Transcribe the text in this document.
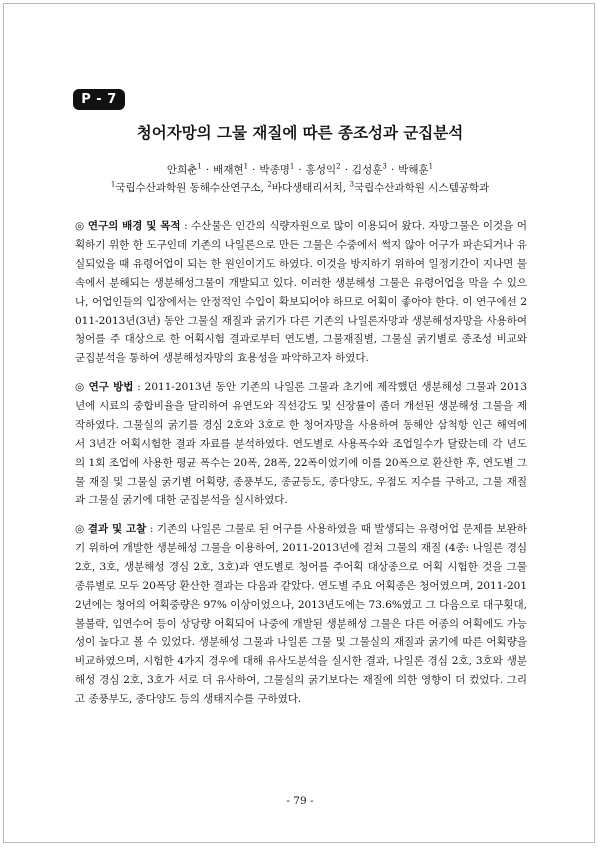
P - 7
청어자망의 그물 재질에 따른 종조성과 군집분석
안희춘$^1$ · 배재현$^1$ · 박종명$^1$ · 홍성익$^2$ · 김성훈$^3$ · 박해훈$^1$
$^1$국립수산과학원 동해수산연구소, $^2$바다생태리서치, $^3$국립수산과학원 시스템공학과
◎ 연구의 배경 및 목적 : 수산물은 인간의 식량자원으로 많이 이용되어 왔다. 자망그물은 이것을 어획하기 위한 한 도구인데 기존의 나일론으로 만든 그물은 수중에서 썩지 않아 어구가 파손되거나 유실되었을 때 유령어업이 되는 한 원인이기도 하였다. 이것을 방지하기 위하여 일정기간이 지나면 물속에서 분해되는 생분해성그물이 개발되고 있다. 이러한 생분해성 그물은 유령어업을 막을 수 있으나, 어업인들의 입장에서는 안정적인 수입이 확보되어야 하므로 어획이 좋아야 한다. 이 연구에선 2011-2013년(3년) 동안 그물실 재질과 굵기가 다른 기존의 나일론자망과 생분해성자망을 사용하여 청어를 주 대상으로 한 어획시험 결과로부터 연도별, 그물재질별, 그물실 굵기별로 종조성 비교와 군집분석을 통하여 생분해성자망의 효용성을 파악하고자 하였다.
◎ 연구 방법 : 2011-2013년 동안 기존의 나일론 그물과 초기에 제작했던 생분해성 그물과 2013년에 시료의 중합비율을 달리하여 유연도와 직선강도 및 신장률이 좀더 개선된 생분해성 그물을 제작하였다. 그물실의 굵기를 경심 2호와 3호로 한 청어자망을 사용하여 동해안 삼척항 인근 해역에서 3년간 어획시험한 결과 자료를 분석하였다. 연도별로 사용폭수와 조업일수가 달랐는데 각 년도의 1회 조업에 사용한 평균 폭수는 20폭, 28폭, 22폭이었기에 이를 20폭으로 환산한 후, 연도별 그물 재질 및 그물실 굵기별 어획량, 종풍부도, 종균등도, 종다양도, 우점도 지수를 구하고, 그물 재질과 그물실 굵기에 대한 군집분석을 실시하였다.
◎ 결과 및 고찰 : 기존의 나일론 그물로 된 어구를 사용하였을 때 발생되는 유령어업 문제를 보완하기 위하여 개발한 생분해성 그물을 이용하여, 2011-2013년에 걸쳐 그물의 재질 (4종: 나일론 경심 2호, 3호, 생분해성 경심 2호, 3호)과 연도별로 청어를 주어획 대상종으로 어획 시험한 것을 그물 종류별로 모두 20폭당 환산한 결과는 다음과 같았다. 연도별 주요 어획종은 청어였으며, 2011-2012년에는 청어의 어획중량은 97% 이상이었으나, 2013년도에는 73.6%였고 그 다음으로 대구횟대, 볼불락, 임연수어 등이 상당량 어획되어 나중에 개발된 생분해성 그물은 다른 어종의 어획에도 가능성이 높다고 볼 수 있었다. 생분해성 그물과 나일론 그물 및 그물실의 재질과 굵기에 따른 어획량을 비교하였으며, 시험한 4가지 경우에 대해 유사도분석을 실시한 결과, 나일론 경심 2호, 3호와 생분해성 경심 2호, 3호가 서로 더 유사하여, 그물실의 굵기보다는 재질에 의한 영향이 더 컸었다. 그리고 종풍부도, 종다양도 등의 생태지수를 구하였다.
- 79 -
